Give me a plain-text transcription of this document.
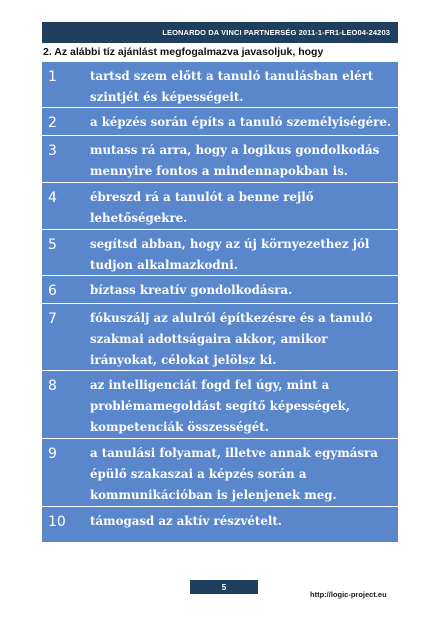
LEONARDO DA VINCI PARTNERSÉG 2011-1-FR1-LEO04-24203
2. Az alábbi tíz ajánlást megfogalmazva javasoljuk, hogy
1	tartsd szem előtt a tanuló tanulásban elért
szintjét és képességeit.
2	a képzés során építs a tanuló személyiségére.
3	mutass rá arra, hogy a logikus gondolkodás
mennyire fontos a mindennapokban is.
4	ébreszd rá a tanulót a benne rejlő
lehetőségekre.
5	segítsd abban, hogy az új környezethez jól
tudjon alkalmazkodni.
6	bíztass kreatív gondolkodásra.
7	fókuszálj az alulról építkezésre és a tanuló
szakmai adottságaira akkor, amikor
irányokat, célokat jelölsz ki.
8	az intelligenciát fogd fel úgy, mint a
problémamegoldást segítő képességek,
kompetenciák összességét.
9	a tanulási folyamat, illetve annak egymásra
épülő szakaszai a képzés során a
kommunikációban is jelenjenek meg.
10 támogasd az aktív részvételt.
5
http://logic-project.eu
